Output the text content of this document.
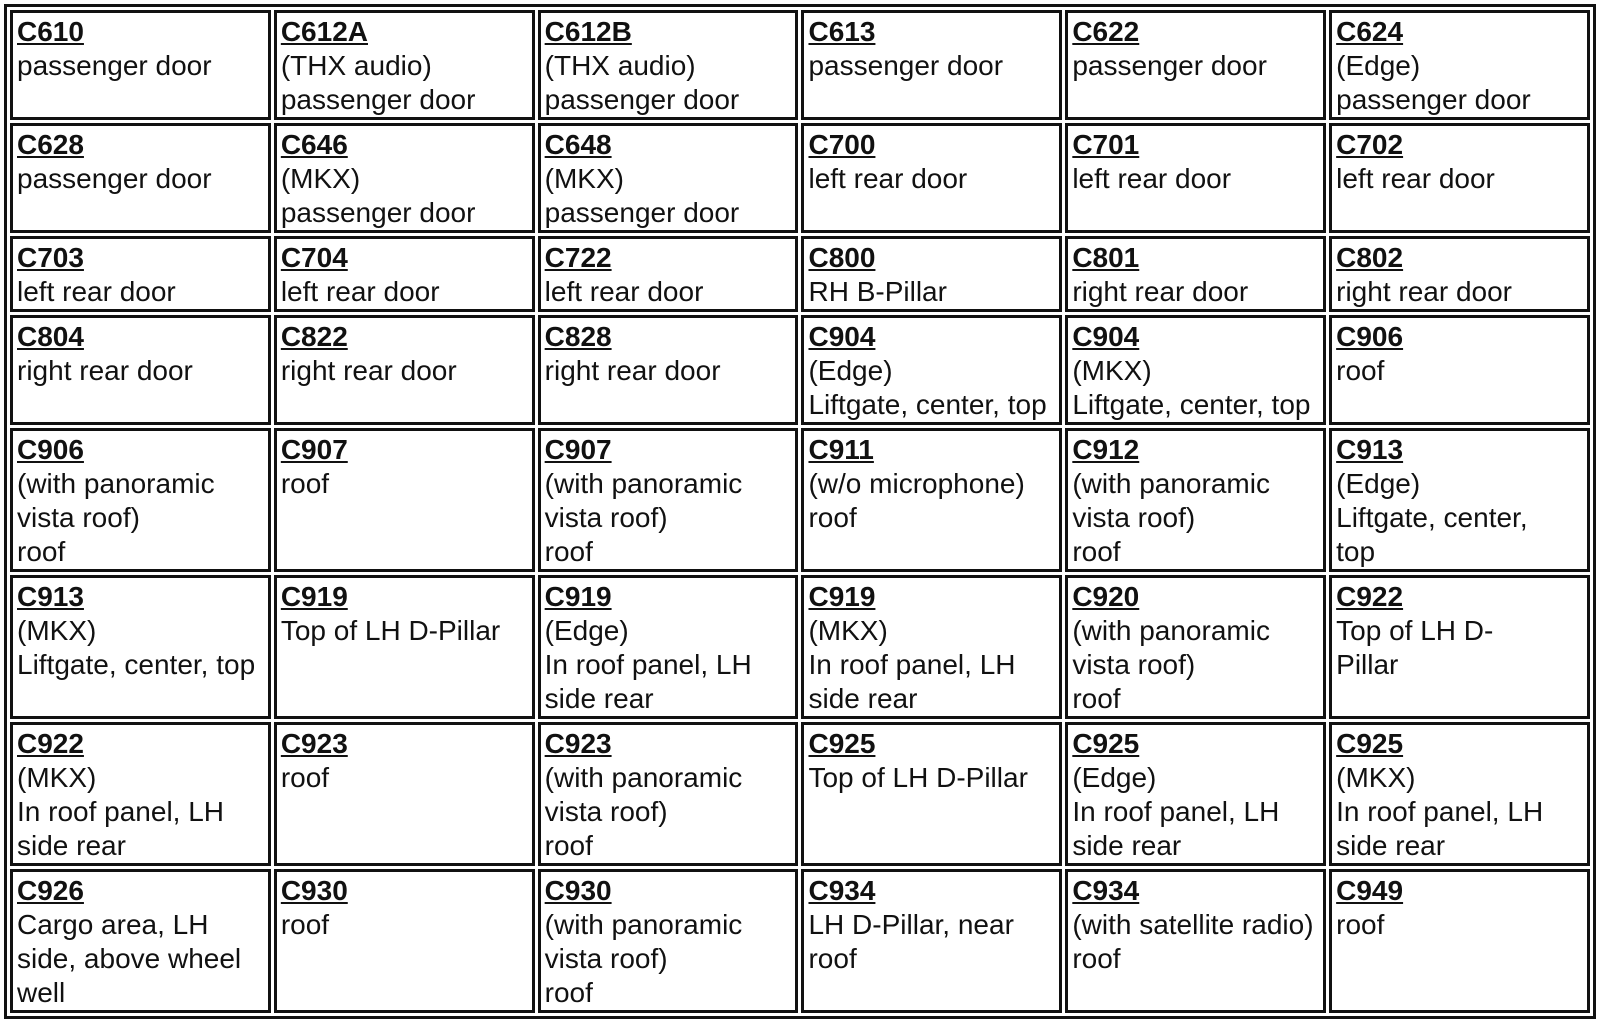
C610
passenger door	C612A
(THX audio)
passenger door	C612B
(THX audio)
passenger door	C613
passenger door	C622
passenger door	C624
(Edge)
passenger door

C628
passenger door	C646
(MKX)
passenger door	C648
(MKX)
passenger door	C700
left rear door	C701
left rear door	C702
left rear door

C703
left rear door	C704
left rear door	C722
left rear door	C800
RH B-Pillar	C801
right rear door	C802
right rear door

C804
right rear door	C822
right rear door	C828
right rear door	C904
(Edge)
Liftgate, center, top	C904
(MKX)
Liftgate, center, top	C906
roof

C906
(with panoramic
vista roof)
roof	C907
roof	C907
(with panoramic
vista roof)
roof	C911
(w/o microphone)
roof	C912
(with panoramic
vista roof)
roof	C913
(Edge)
Liftgate, center,
top

C913
(MKX)
Liftgate, center, top	C919
Top of LH D-Pillar	C919
(Edge)
In roof panel, LH
side rear	C919
(MKX)
In roof panel, LH
side rear	C920
(with panoramic
vista roof)
roof	C922
Top of LH D-
Pillar

C922
(MKX)
In roof panel, LH
side rear	C923
roof	C923
(with panoramic
vista roof)
roof	C925
Top of LH D-Pillar	C925
(Edge)
In roof panel, LH
side rear	C925
(MKX)
In roof panel, LH
side rear

C926
Cargo area, LH
side, above wheel
well	C930
roof	C930
(with panoramic
vista roof)
roof	C934
LH D-Pillar, near
roof	C934
(with satellite radio)
roof	C949
roof
